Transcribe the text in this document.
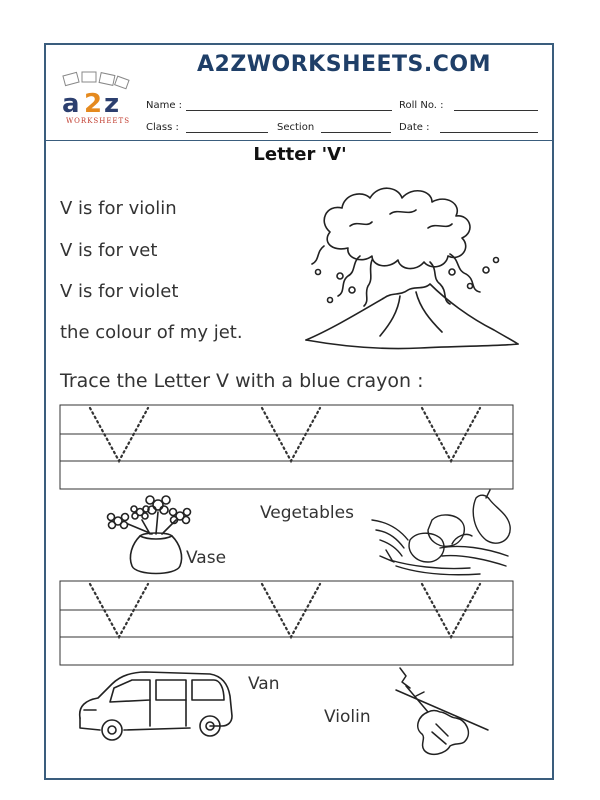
A2ZWORKSHEETS.COM
a 2 z
WORKSHEETS
Name :	Roll No. :
Class :	Section	Date :
Letter 'V'
V is for violin
V is for vet
V is for violet
the colour of my jet.
Trace the Letter V with a blue crayon :
Vase
Vegetables
Van
Violin
